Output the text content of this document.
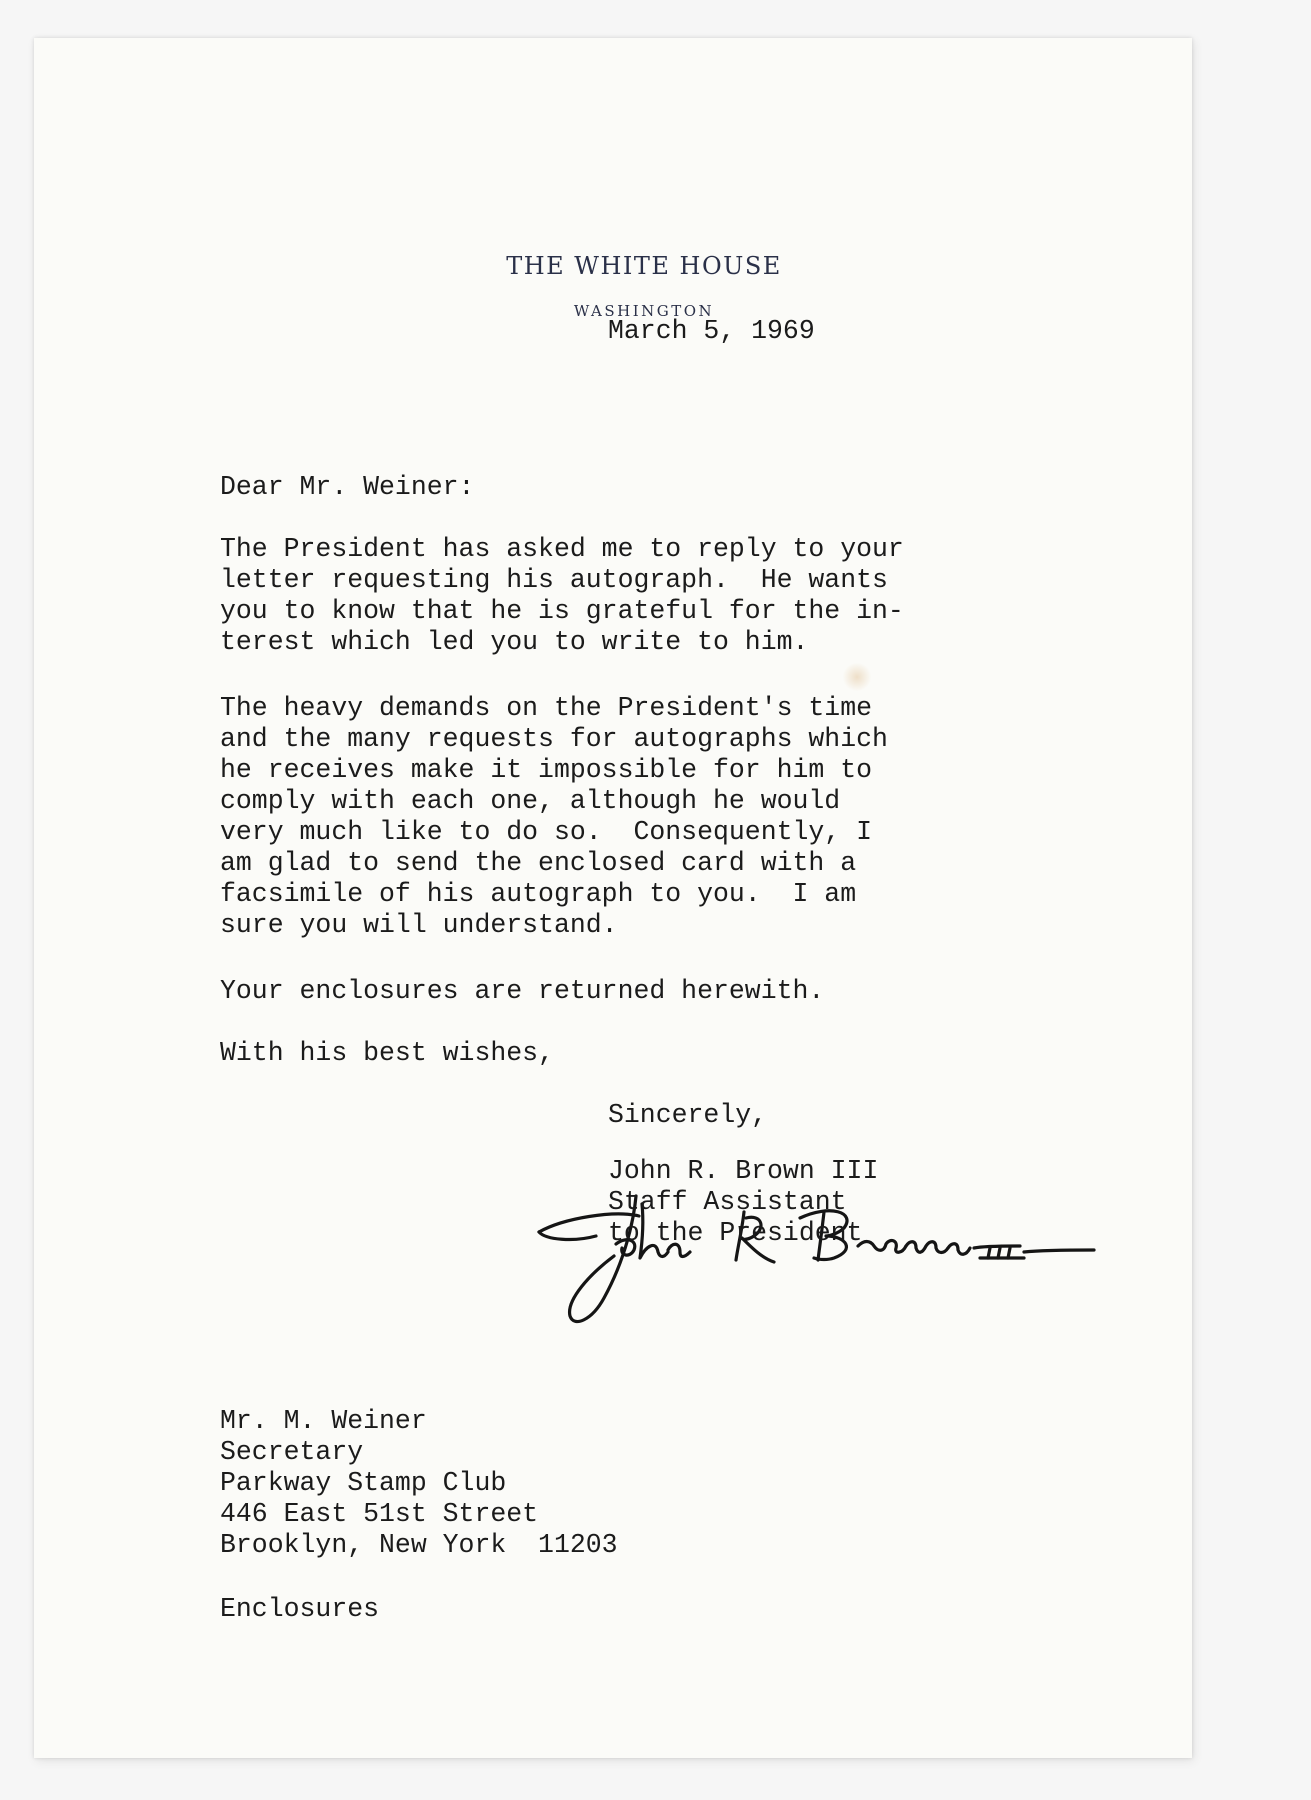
THE WHITE HOUSE
WASHINGTON
March 5, 1969
Dear Mr. Weiner:
The President has asked me to reply to your
letter requesting his autograph.  He wants
you to know that he is grateful for the in-
terest which led you to write to him.
The heavy demands on the President's time
and the many requests for autographs which
he receives make it impossible for him to
comply with each one, although he would
very much like to do so.  Consequently, I
am glad to send the enclosed card with a
facsimile of his autograph to you.  I am
sure you will understand.
Your enclosures are returned herewith.
With his best wishes,
Sincerely,
John R. Brown III
Staff Assistant
to the President
Mr. M. Weiner
Secretary
Parkway Stamp Club
446 East 51st Street
Brooklyn, New York  11203
Enclosures
